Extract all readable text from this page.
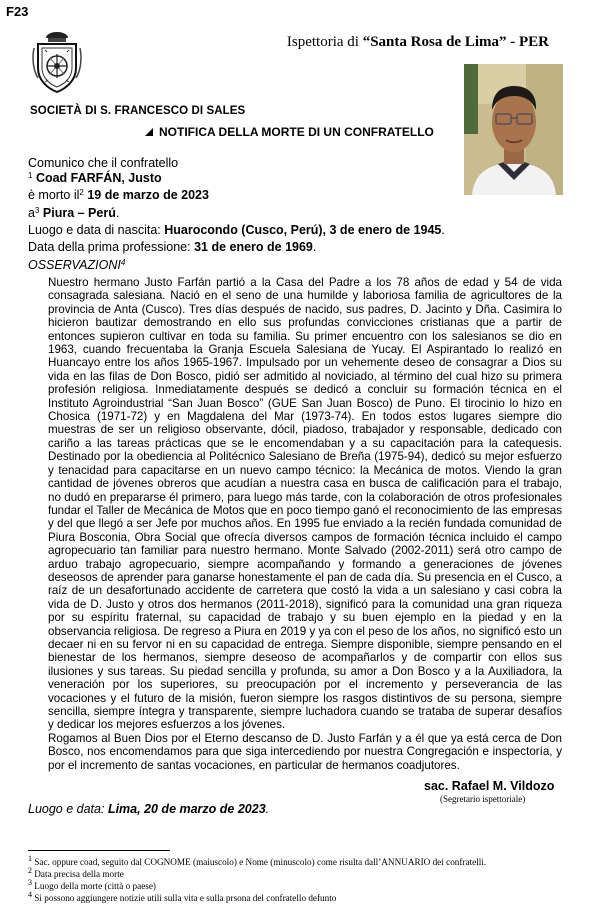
F23
Ispettoria di “Santa Rosa de Lima” - PER
SOCIETÀ DI S. FRANCESCO DI SALES
NOTIFICA DELLA MORTE DI UN CONFRATELLO
Comunico che il confratello
$^1$ Coad FARFÁN, Justo
è morto $il^2$ 19 de marzo de 2023
$a^3$ Piura – Perú.
Luogo e data di nascita: Huarocondo (Cusco, Perú), 3 de enero de 1945.
Data della prima professione: 31 de enero de 1969.
OSSERVAZIONI$^4$

Nuestro hermano Justo Farfán partió a la Casa del Padre a los 78 años de edad y 54 de vida consagrada salesiana. Nació en el seno de una humilde y laboriosa familia de agricultores de la provincia de Anta (Cusco). Tres días después de nacido, sus padres, D. Jacinto y Dña. Casimira lo hicieron bautizar demostrando en ello sus profundas convicciones cristianas que a partir de entonces supieron cultivar en toda su familia. Su primer encuentro con los salesianos se dio en 1963, cuando frecuentaba la Granja Escuela Salesiana de Yucay. El Aspirantado lo realizó en Huancayo entre los años 1965-1967. Impulsado por un vehemente deseo de consagrar a Dios su vida en las filas de Don Bosco, pidió ser admitido al noviciado, al término del cual hizo su primera profesión religiosa. Inmediatamente después se dedicó a concluir su formación técnica en el Instituto Agroindustrial “San Juan Bosco” (GUE San Juan Bosco) de Puno. El tirocinio lo hizo en Chosica (1971-72) y en Magdalena del Mar (1973-74). En todos estos lugares siempre dio muestras de ser un religioso observante, dócil, piadoso, trabajador y responsable, dedicado con cariño a las tareas prácticas que se le encomendaban y a su capacitación para la catequesis. Destinado por la obediencia al Politécnico Salesiano de Breña (1975-94), dedicó su mejor esfuerzo y tenacidad para capacitarse en un nuevo campo técnico: la Mecánica de motos. Viendo la gran cantidad de jóvenes obreros que acudían a nuestra casa en busca de calificación para el trabajo, no dudó en prepararse él primero, para luego más tarde, con la colaboración de otros profesionales fundar el Taller de Mecánica de Motos que en poco tiempo ganó el reconocimiento de las empresas y del que llegó a ser Jefe por muchos años. En 1995 fue enviado a la recién fundada comunidad de Piura Bosconia, Obra Social que ofrecía diversos campos de formación técnica incluido el campo agropecuario tan familiar para nuestro hermano. Monte Salvado (2002-2011) será otro campo de arduo trabajo agropecuario, siempre acompañando y formando a generaciones de jóvenes deseosos de aprender para ganarse honestamente el pan de cada día. Su presencia en el Cusco, a raíz de un desafortunado accidente de carretera que costó la vida a un salesiano y casi cobra la vida de D. Justo y otros dos hermanos (2011-2018), significó para la comunidad una gran riqueza por su espíritu fraternal, su capacidad de trabajo y su buen ejemplo en la piedad y en la observancia religiosa. De regreso a Piura en 2019 y ya con el peso de los años, no significó esto un decaer ni en su fervor ni en su capacidad de entrega. Siempre disponible, siempre pensando en el bienestar de los hermanos, siempre deseoso de acompañarlos y de compartir con ellos sus ilusiones y sus tareas. Su piedad sencilla y profunda, su amor a Don Bosco y a la Auxiliadora, la veneración por los superiores, su preocupación por el incremento y perseverancia de las vocaciones y el futuro de la misión, fueron siempre los rasgos distintivos de su persona, siempre sencilla, siempre íntegra y transparente, siempre luchadora cuando se trataba de superar desafíos y dedicar los mejores esfuerzos a los jóvenes.

Rogamos al Buen Dios por el Eterno descanso de D. Justo Farfán y a él que ya está cerca de Don Bosco, nos encomendamos para que siga intercediendo por nuestra Congregación e inspectoría, y por el incremento de santas vocaciones, en particular de hermanos coadjutores.

sac. Rafael M. Vildozo
(Segretario ispettoriale)
Luogo e data: Lima, 20 de marzo de 2023.
$^1$ Sac. oppure coad, seguito dal COGNOME (maiuscolo) e Nome (minuscolo) come risulta dall’ANNUARIO dei confratelli.
$^2$ Data precisa della morte
$^3$ Luogo della morte (città o paese)
$^4$ Si possono aggiungere notizie utili sulla vita e sulla prsona del confratello defunto
